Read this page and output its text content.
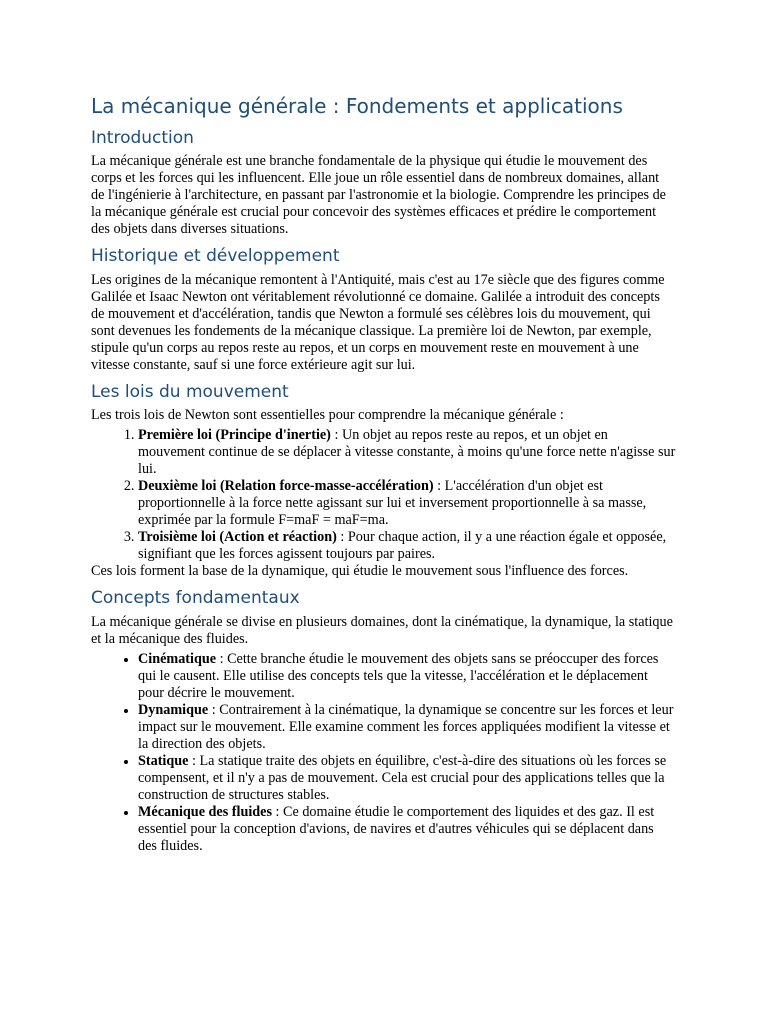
La mécanique générale : Fondements et applications
Introduction

La mécanique générale est une branche fondamentale de la physique qui étudie le mouvement des corps et les forces qui les influencent. Elle joue un rôle essentiel dans de nombreux domaines, allant de l'ingénierie à l'architecture, en passant par l'astronomie et la biologie. Comprendre les principes de la mécanique générale est crucial pour concevoir des systèmes efficaces et prédire le comportement des objets dans diverses situations.

Historique et développement

Les origines de la mécanique remontent à l'Antiquité, mais c'est au 17e siècle que des figures comme Galilée et Isaac Newton ont véritablement révolutionné ce domaine. Galilée a introduit des concepts de mouvement et d'accélération, tandis que Newton a formulé ses célèbres lois du mouvement, qui sont devenues les fondements de la mécanique classique. La première loi de Newton, par exemple, stipule qu'un corps au repos reste au repos, et un corps en mouvement reste en mouvement à une vitesse constante, sauf si une force extérieure agit sur lui.

Les lois du mouvement

Les trois lois de Newton sont essentielles pour comprendre la mécanique générale :

1. Première loi (Principe d'inertie) : Un objet au repos reste au repos, et un objet en mouvement continue de se déplacer à vitesse constante, à moins qu'une force nette n'agisse sur lui.
2. Deuxième loi (Relation force-masse-accélération) : L'accélération d'un objet est proportionnelle à la force nette agissant sur lui et inversement proportionnelle à sa masse, exprimée par la formule F=maF = maF=ma.
3. Troisième loi (Action et réaction) : Pour chaque action, il y a une réaction égale et opposée, signifiant que les forces agissent toujours par paires.

Ces lois forment la base de la dynamique, qui étudie le mouvement sous l'influence des forces.

Concepts fondamentaux

La mécanique générale se divise en plusieurs domaines, dont la cinématique, la dynamique, la statique et la mécanique des fluides.

• Cinématique : Cette branche étudie le mouvement des objets sans se préoccuper des forces qui le causent. Elle utilise des concepts tels que la vitesse, l'accélération et le déplacement pour décrire le mouvement.
• Dynamique : Contrairement à la cinématique, la dynamique se concentre sur les forces et leur impact sur le mouvement. Elle examine comment les forces appliquées modifient la vitesse et la direction des objets.
• Statique : La statique traite des objets en équilibre, c'est-à-dire des situations où les forces se compensent, et il n'y a pas de mouvement. Cela est crucial pour des applications telles que la construction de structures stables.
• Mécanique des fluides : Ce domaine étudie le comportement des liquides et des gaz. Il est essentiel pour la conception d'avions, de navires et d'autres véhicules qui se déplacent dans des fluides.
